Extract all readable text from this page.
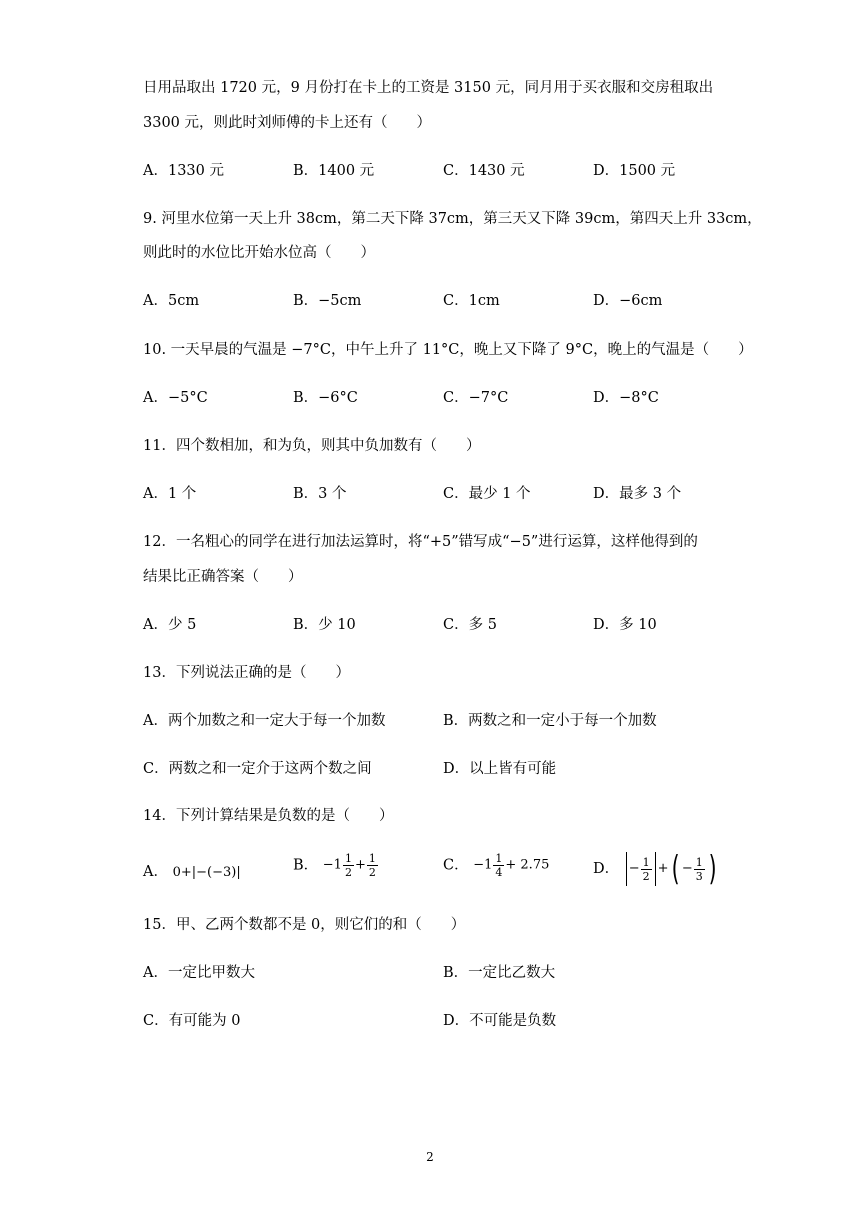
日用品取出 1720 元，9 月份打在卡上的工资是 3150 元，同月用于买衣服和交房租取出
3300 元，则此时刘师傅的卡上还有（　　）
A．1330 元	B．1400 元	C．1430 元	D．1500 元
9. 河里水位第一天上升 38cm，第二天下降 37cm，第三天又下降 39cm，第四天上升 33cm，
则此时的水位比开始水位高（　　）
A．5cm	B．−5cm	C．1cm	D．−6cm
10. 一天早晨的气温是 −7°C，中午上升了 11°C，晚上又下降了 9°C，晚上的气温是（　　）
A．−5°C	B．−6°C	C．−7°C	D．−8°C
11．四个数相加，和为负，则其中负加数有（　　）
A．1 个	B．3 个	C．最少 1 个	D．最多 3 个
12．一名粗心的同学在进行加法运算时，将“+5”错写成“−5”进行运算，这样他得到的
结果比正确答案（　　）
A．少 5	B．少 10	C．多 5	D．多 10
13．下列说法正确的是（　　）
A．两个加数之和一定大于每一个加数	B．两数之和一定小于每一个加数
C．两数之和一定介于这两个数之间	D．以上皆有可能
14．下列计算结果是负数的是（　　）
A． 0+|−(−3)|	B． $-1 \frac{1}{2} + \frac{1}{2}$	C． $-1 \frac{1}{4} + 2.75$	D． − $\frac{1}{2}$ +( − $\frac{1}{3}$ )
15．甲、乙两个数都不是 0，则它们的和（　　）
A．一定比甲数大	B．一定比乙数大
C．有可能为 0	D．不可能是负数
2
